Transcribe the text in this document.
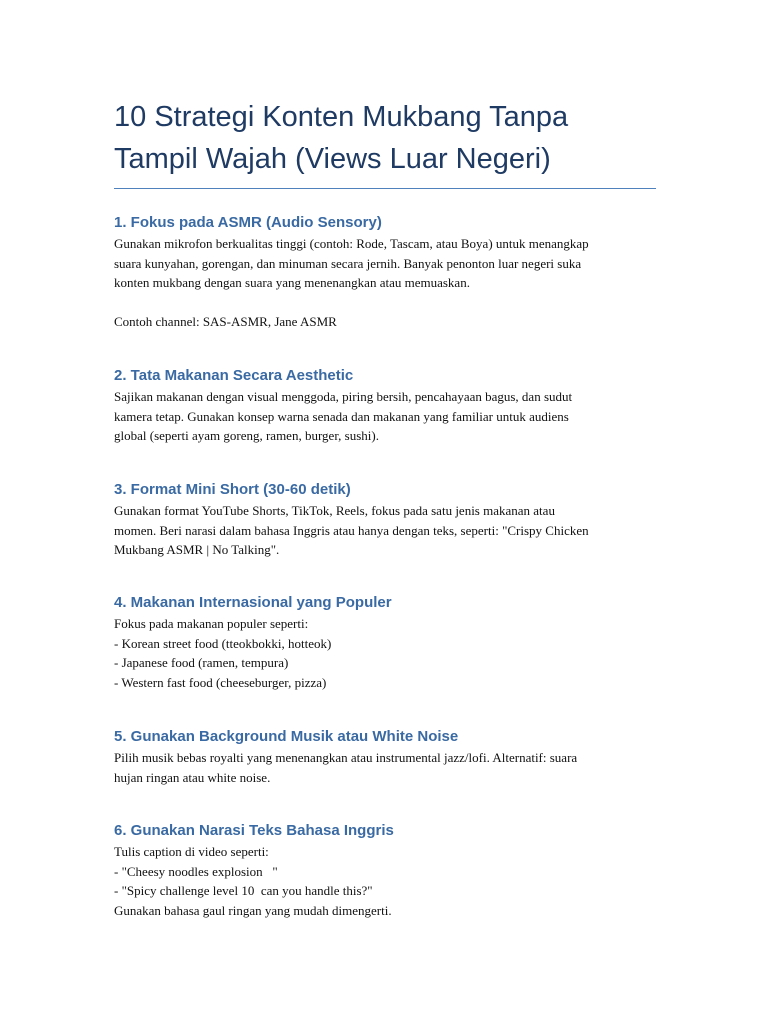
10 Strategi Konten Mukbang Tanpa Tampil Wajah (Views Luar Negeri)
1. Fokus pada ASMR (Audio Sensory)

Gunakan mikrofon berkualitas tinggi (contoh: Rode, Tascam, atau Boya) untuk menangkap
suara kunyahan, gorengan, dan minuman secara jernih. Banyak penonton luar negeri suka
konten mukbang dengan suara yang menenangkan atau memuaskan.

Contoh channel: SAS-ASMR, Jane ASMR

2. Tata Makanan Secara Aesthetic

Sajikan makanan dengan visual menggoda, piring bersih, pencahayaan bagus, dan sudut
kamera tetap. Gunakan konsep warna senada dan makanan yang familiar untuk audiens
global (seperti ayam goreng, ramen, burger, sushi).

3. Format Mini Short (30-60 detik)

Gunakan format YouTube Shorts, TikTok, Reels, fokus pada satu jenis makanan atau
momen. Beri narasi dalam bahasa Inggris atau hanya dengan teks, seperti: "Crispy Chicken
Mukbang ASMR | No Talking".

4. Makanan Internasional yang Populer

Fokus pada makanan populer seperti:
- Korean street food (tteokbokki, hotteok)
- Japanese food (ramen, tempura)
- Western fast food (cheeseburger, pizza)

5. Gunakan Background Musik atau White Noise

Pilih musik bebas royalti yang menenangkan atau instrumental jazz/lofi. Alternatif: suara
hujan ringan atau white noise.

6. Gunakan Narasi Teks Bahasa Inggris

Tulis caption di video seperti:
- "Cheesy noodles explosion   "
- "Spicy challenge level 10  can you handle this?"
Gunakan bahasa gaul ringan yang mudah dimengerti.
